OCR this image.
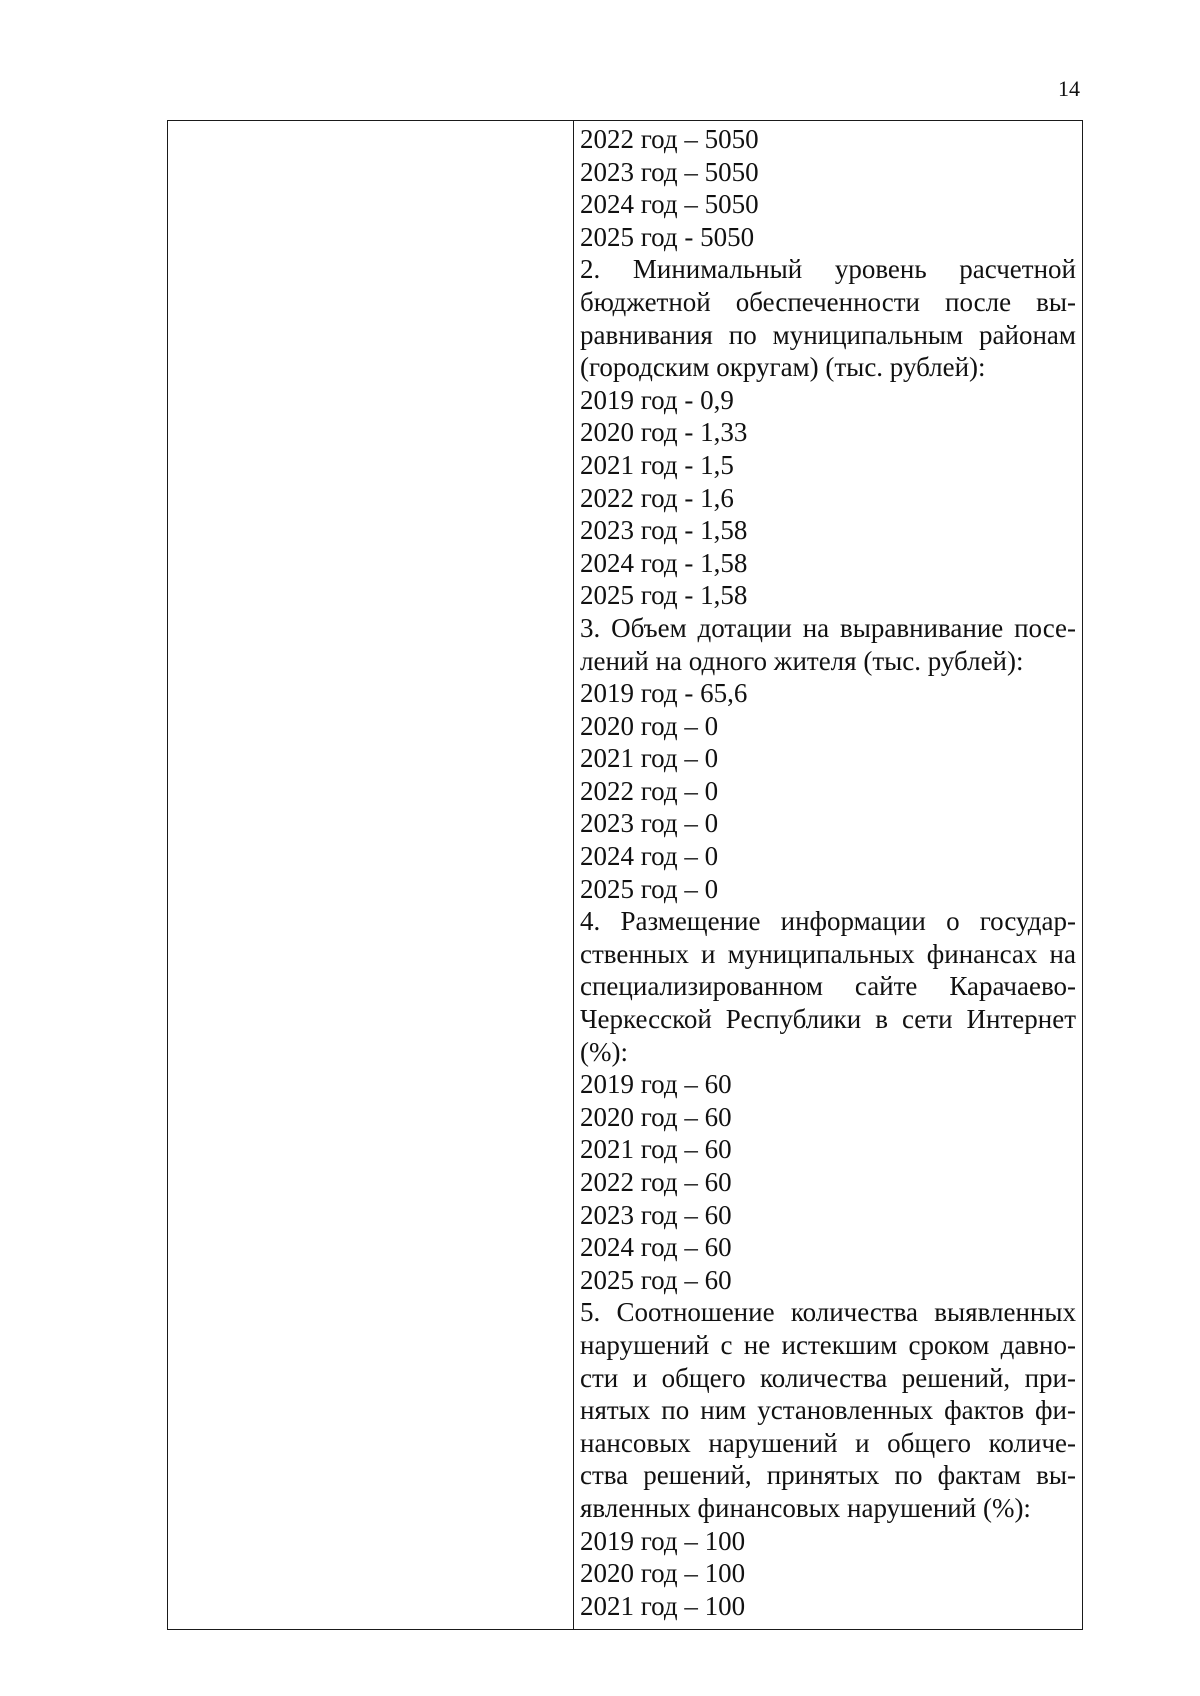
14
2022 год – 5050
2023 год – 5050
2024 год – 5050
2025 год - 5050
2. Минимальный уровень расчетной
бюджетной обеспеченности после вы-
равнивания по муниципальным районам
(городским округам) (тыс. рублей):
2019 год - 0,9
2020 год - 1,33
2021 год - 1,5
2022 год - 1,6
2023 год - 1,58
2024 год - 1,58
2025 год - 1,58
3. Объем дотации на выравнивание посе-
лений на одного жителя (тыс. рублей):
2019 год - 65,6
2020 год – 0
2021 год – 0
2022 год – 0
2023 год – 0
2024 год – 0
2025 год – 0
4. Размещение информации о государ-
ственных и муниципальных финансах на
специализированном сайте Карачаево-
Черкесской Республики в сети Интернет
(%):
2019 год – 60
2020 год – 60
2021 год – 60
2022 год – 60
2023 год – 60
2024 год – 60
2025 год – 60
5. Соотношение количества выявленных
нарушений с не истекшим сроком давно-
сти и общего количества решений, при-
нятых по ним установленных фактов фи-
нансовых нарушений и общего количе-
ства решений, принятых по фактам вы-
явленных финансовых нарушений (%):
2019 год – 100
2020 год – 100
2021 год – 100
